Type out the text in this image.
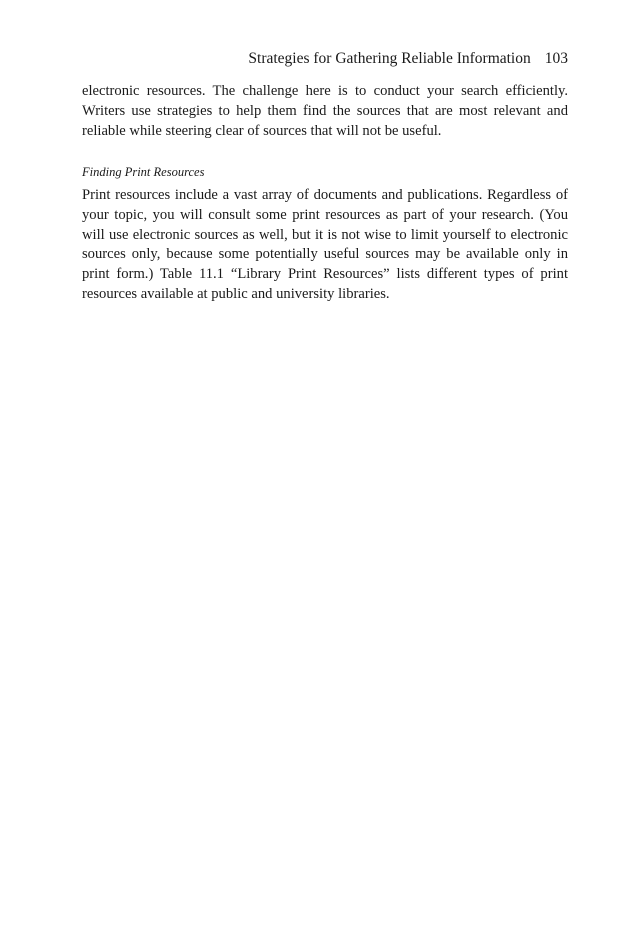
Strategies for Gathering Reliable Information 103

electronic resources. The challenge here is to conduct your search efficiently. Writers use strategies to help them find the sources that are most relevant and reliable while steering clear of sources that will not be useful.

Finding Print Resources

Print resources include a vast array of documents and publications. Regardless of your topic, you will consult some print resources as part of your research. (You will use electronic sources as well, but it is not wise to limit yourself to electronic sources only, because some potentially useful sources may be available only in print form.) Table 11.1 “Library Print Resources” lists different types of print resources available at public and university libraries.
